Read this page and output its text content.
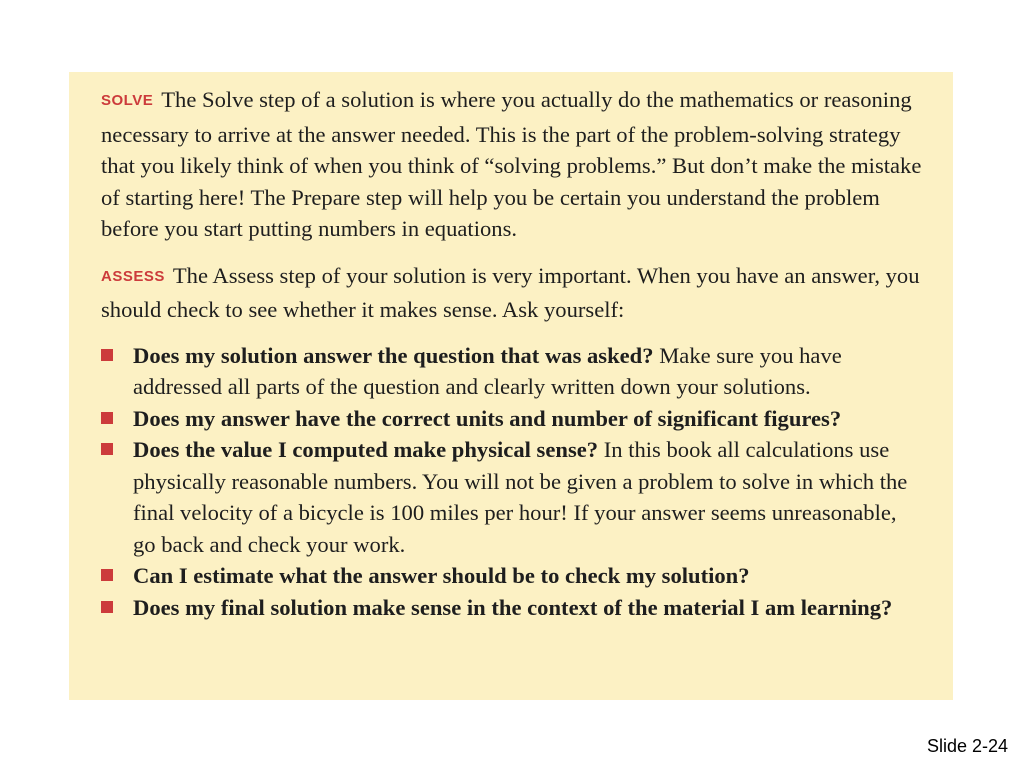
SOLVE The Solve step of a solution is where you actually do the mathematics or reasoning necessary to arrive at the answer needed. This is the part of the problem-solving strategy that you likely think of when you think of “solving problems.” But don’t make the mistake of starting here! The Prepare step will help you be certain you understand the problem before you start putting numbers in equations.

ASSESS The Assess step of your solution is very important. When you have an answer, you should check to see whether it makes sense. Ask yourself:

Does my solution answer the question that was asked? Make sure you have addressed all parts of the question and clearly written down your solutions.
Does my answer have the correct units and number of significant figures?
Does the value I computed make physical sense? In this book all calculations use physically reasonable numbers. You will not be given a problem to solve in which the final velocity of a bicycle is 100 miles per hour! If your answer seems unreasonable, go back and check your work.
Can I estimate what the answer should be to check my solution?
Does my final solution make sense in the context of the material I am learning?
Slide 2-24
